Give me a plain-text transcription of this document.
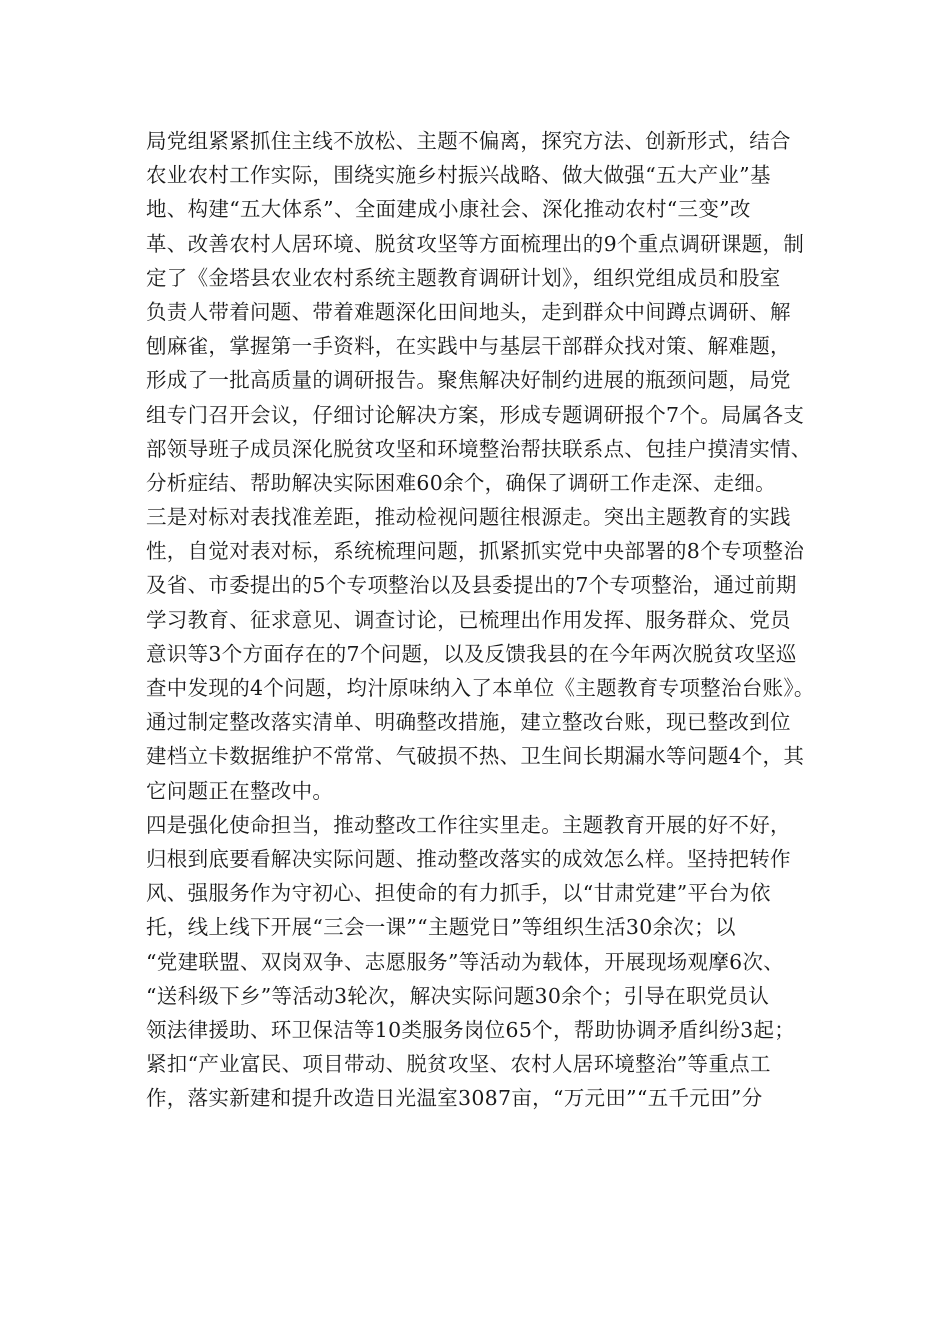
局党组紧紧抓住主线不放松、主题不偏离，探究方法、创新形式，结合
农业农村工作实际，围绕实施乡村振兴战略、做大做强“五大产业”基
地、构建“五大体系”、全面建成小康社会、深化推动农村“三变”改
革、改善农村人居环境、脱贫攻坚等方面梳理出的9个重点调研课题，制
定了《金塔县农业农村系统主题教育调研计划》，组织党组成员和股室
负责人带着问题、带着难题深化田间地头，走到群众中间蹲点调研、解
刨麻雀，掌握第一手资料，在实践中与基层干部群众找对策、解难题，
形成了一批高质量的调研报告。聚焦解决好制约进展的瓶颈问题，局党
组专门召开会议，仔细讨论解决方案，形成专题调研报个7个。局属各支
部领导班子成员深化脱贫攻坚和环境整治帮扶联系点、包挂户摸清实情、
分析症结、帮助解决实际困难60余个，确保了调研工作走深、走细。
三是对标对表找准差距，推动检视问题往根源走。突出主题教育的实践
性，自觉对表对标，系统梳理问题，抓紧抓实党中央部署的8个专项整治
及省、市委提出的5个专项整治以及县委提出的7个专项整治，通过前期
学习教育、征求意见、调查讨论，已梳理出作用发挥、服务群众、党员
意识等3个方面存在的7个问题，以及反馈我县的在今年两次脱贫攻坚巡
查中发现的4个问题，均汁原味纳入了本单位《主题教育专项整治台账》。
通过制定整改落实清单、明确整改措施，建立整改台账，现已整改到位
建档立卡数据维护不常常、气破损不热、卫生间长期漏水等问题4个，其
它问题正在整改中。
四是强化使命担当，推动整改工作往实里走。主题教育开展的好不好，
归根到底要看解决实际问题、推动整改落实的成效怎么样。坚持把转作
风、强服务作为守初心、担使命的有力抓手，以“甘肃党建”平台为依
托，线上线下开展“三会一课”“主题党日”等组织生活30余次；以
“党建联盟、双岗双争、志愿服务”等活动为载体，开展现场观摩6次、
“送科级下乡”等活动3轮次，解决实际问题30余个；引导在职党员认
领法律援助、环卫保洁等10类服务岗位65个，帮助协调矛盾纠纷3起；
紧扣“产业富民、项目带动、脱贫攻坚、农村人居环境整治”等重点工
作，落实新建和提升改造日光温室3087亩，“万元田”“五千元田”分
